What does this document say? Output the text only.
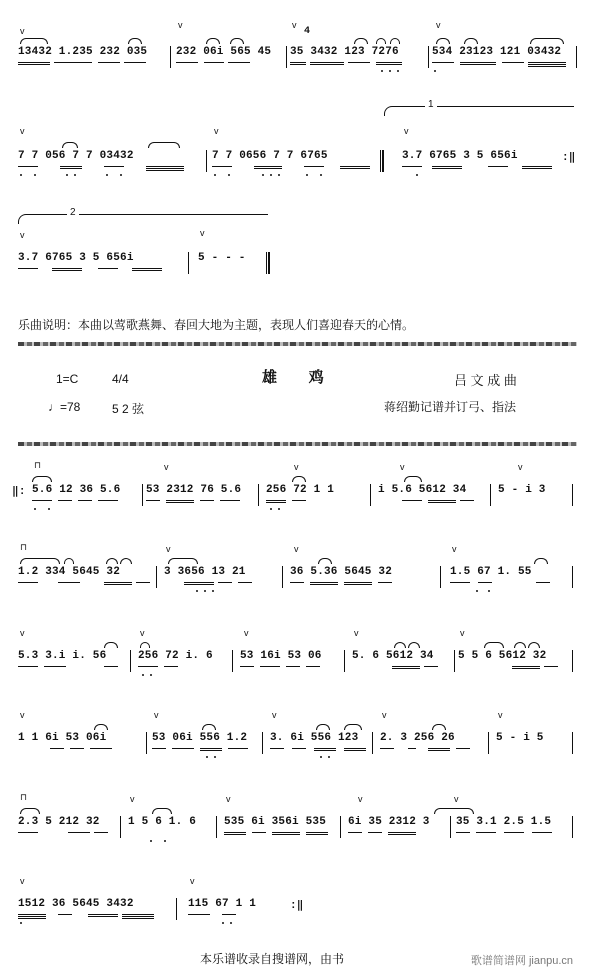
13432 1.235 232 035	232 06i 565 45 35 3432 123 7276
4
534 23123 121 03432
v
v	v	v
7 7 056 7 7 03432	7 7 0656 7 7 6765	3.7 6765 3 5 656i	:‖
1
v	v	v
3.7 6765 3 5 656i	5 - - -
2
v	v
乐曲说明：本曲以莺歌燕舞、春回大地为主题，表现人们喜迎春天的心情。
1=C	4/4	雄 鸡	吕 文 成 曲
♩=78	5 2 弦	蒋绍勤记谱并订弓、指法
‖: 5.6 12 36 5.6 53 2312 76 5.6 256 72 1 1	i 5.6 5612 34	5 - i 3
⊓	v	v	v	v
1.2 334 5645 32	3 3656 13 21	36 5.36 5645 32	1.5 67 1. 55
⊓	v	v	v
5.3 3.i i. 56	256 72 i. 6 53 16i 53 06	5. 6 5612 34 5 5 6 5612 32
v	v	v	v	v
1 1 6i 53 06i	53 06i 556 1.2 3. 6i 556 123 2. 3 256 26	5 - i 5
v	v	v	v	v
2.3 5 212 32	1 5 6 1. 6	535 6i 356i 535 6i 35 2312 3 35 3.1 2.5 1.5
⊓	v	v	v	v
1512 36 5645 3432	115 67 1 1	:‖
v	v
本乐谱收录自搜谱网，由书	歌谱简谱网 jianpu.cn
